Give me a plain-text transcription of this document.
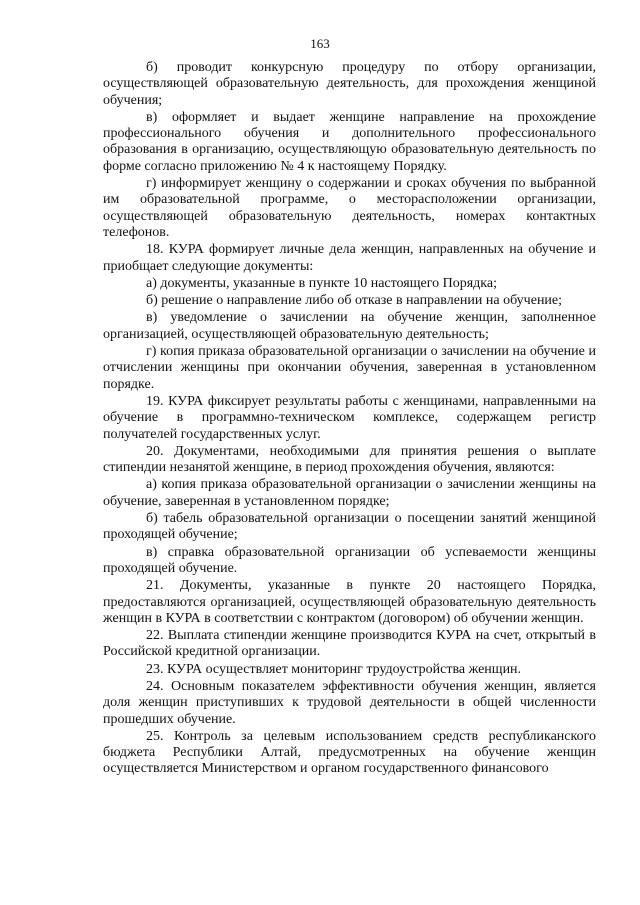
163

б) проводит конкурсную процедуру по отбору организации, осуществляющей образовательную деятельность, для прохождения женщиной обучения;

в) оформляет и выдает женщине направление на прохождение профессионального обучения и дополнительного профессионального образования в организацию, осуществляющую образовательную деятельность по форме согласно приложению № 4 к настоящему Порядку.

г) информирует женщину о содержании и сроках обучения по выбранной им образовательной программе, о месторасположении организации, осуществляющей образовательную деятельность, номерах контактных телефонов.

18. КУРА формирует личные дела женщин, направленных на обучение и приобщает следующие документы:

а) документы, указанные в пункте 10 настоящего Порядка;

б) решение о направление либо об отказе в направлении на обучение;

в) уведомление о зачислении на обучение женщин, заполненное организацией, осуществляющей образовательную деятельность;

г) копия приказа образовательной организации о зачислении на обучение и отчислении женщины при окончании обучения, заверенная в установленном порядке.

19. КУРА фиксирует результаты работы с женщинами, направленными на обучение в программно-техническом комплексе, содержащем регистр получателей государственных услуг.

20. Документами, необходимыми для принятия решения о выплате стипендии незанятой женщине, в период прохождения обучения, являются:

а) копия приказа образовательной организации о зачислении женщины на обучение, заверенная в установленном порядке;

б) табель образовательной организации о посещении занятий женщиной проходящей обучение;

в) справка образовательной организации об успеваемости женщины проходящей обучение.

21. Документы, указанные в пункте 20 настоящего Порядка, предоставляются организацией, осуществляющей образовательную деятельность женщин в КУРА в соответствии с контрактом (договором) об обучении женщин.

22. Выплата стипендии женщине производится КУРА на счет, открытый в Российской кредитной организации.

23. КУРА осуществляет мониторинг трудоустройства женщин.

24. Основным показателем эффективности обучения женщин, является доля женщин приступивших к трудовой деятельности в общей численности прошедших обучение.

25. Контроль за целевым использованием средств республиканского бюджета Республики Алтай, предусмотренных на обучение женщин осуществляется Министерством и органом государственного финансового
